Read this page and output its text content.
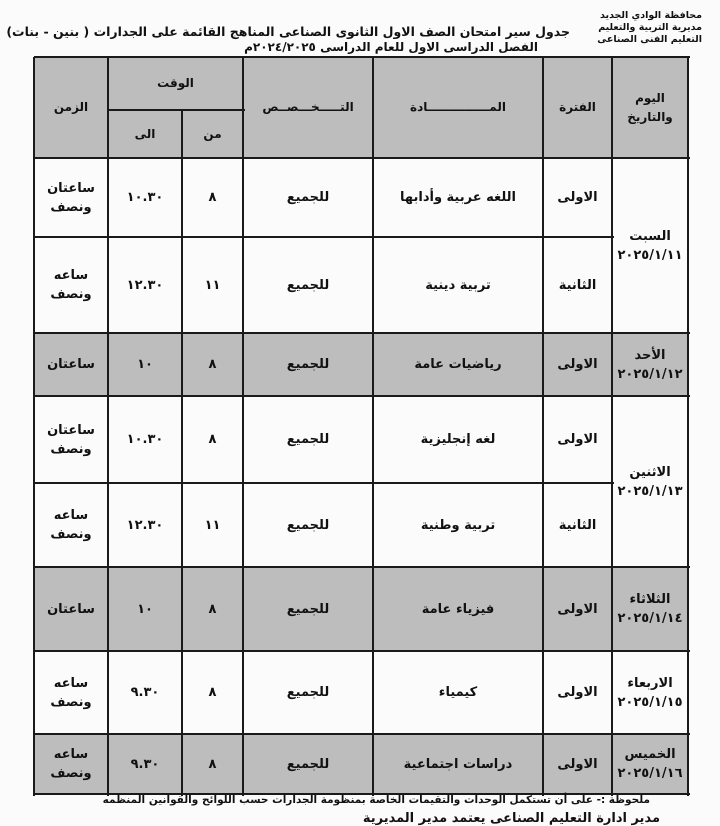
محافظة الوادي الجديد
مديرية التربية والتعليم
التعليم الفنى الصناعى
جدول سير امتحان الصف الاول الثانوى الصناعى المناهج القائمة على الجدارات ( بنين - بنات)
الفصل الدراسى الاول للعام الدراسى ٢٠٢٤/٢٠٢٥م
اليوم والتاريخ
الفترة
المـــــــــــــــادة
التـــــخـــصــص
الوقت
من
الى
الزمن
السبت
٢٠٢٥/١/١١
الأحد
٢٠٢٥/١/١٢
الاثنين
٢٠٢٥/١/١٣
الثلاثاء
٢٠٢٥/١/١٤
الاربعاء
٢٠٢٥/١/١٥
الخميس
٢٠٢٥/١/١٦
الاولى
اللغه عربية وأدابها
للجميع
٨
١٠.٣٠
ساعتان ونصف
الثانية
تربية دينية
للجميع
١١
١٢.٣٠
ساعه ونصف
الاولى
رياضيات عامة
للجميع
٨
١٠
ساعتان
الاولى
لغه إنجليزية
للجميع
٨
١٠.٣٠
ساعتان ونصف
الثانية
تربية وطنية
للجميع
١١
١٢.٣٠
ساعه ونصف
الاولى
فيزياء عامة
للجميع
٨
١٠
ساعتان
الاولى
كيمياء
للجميع
٨
٩.٣٠
ساعه ونصف
الاولى
دراسات اجتماعية
للجميع
٨
٩.٣٠
ساعه ونصف
ملحوظة :- على أن تستكمل الوحدات والتقيمات الخاصة بمنظومة الجدارات حسب اللوائح والقوانين المنظمه
مدير ادارة التعليم الصناعى يعتمد مدير المديرية
